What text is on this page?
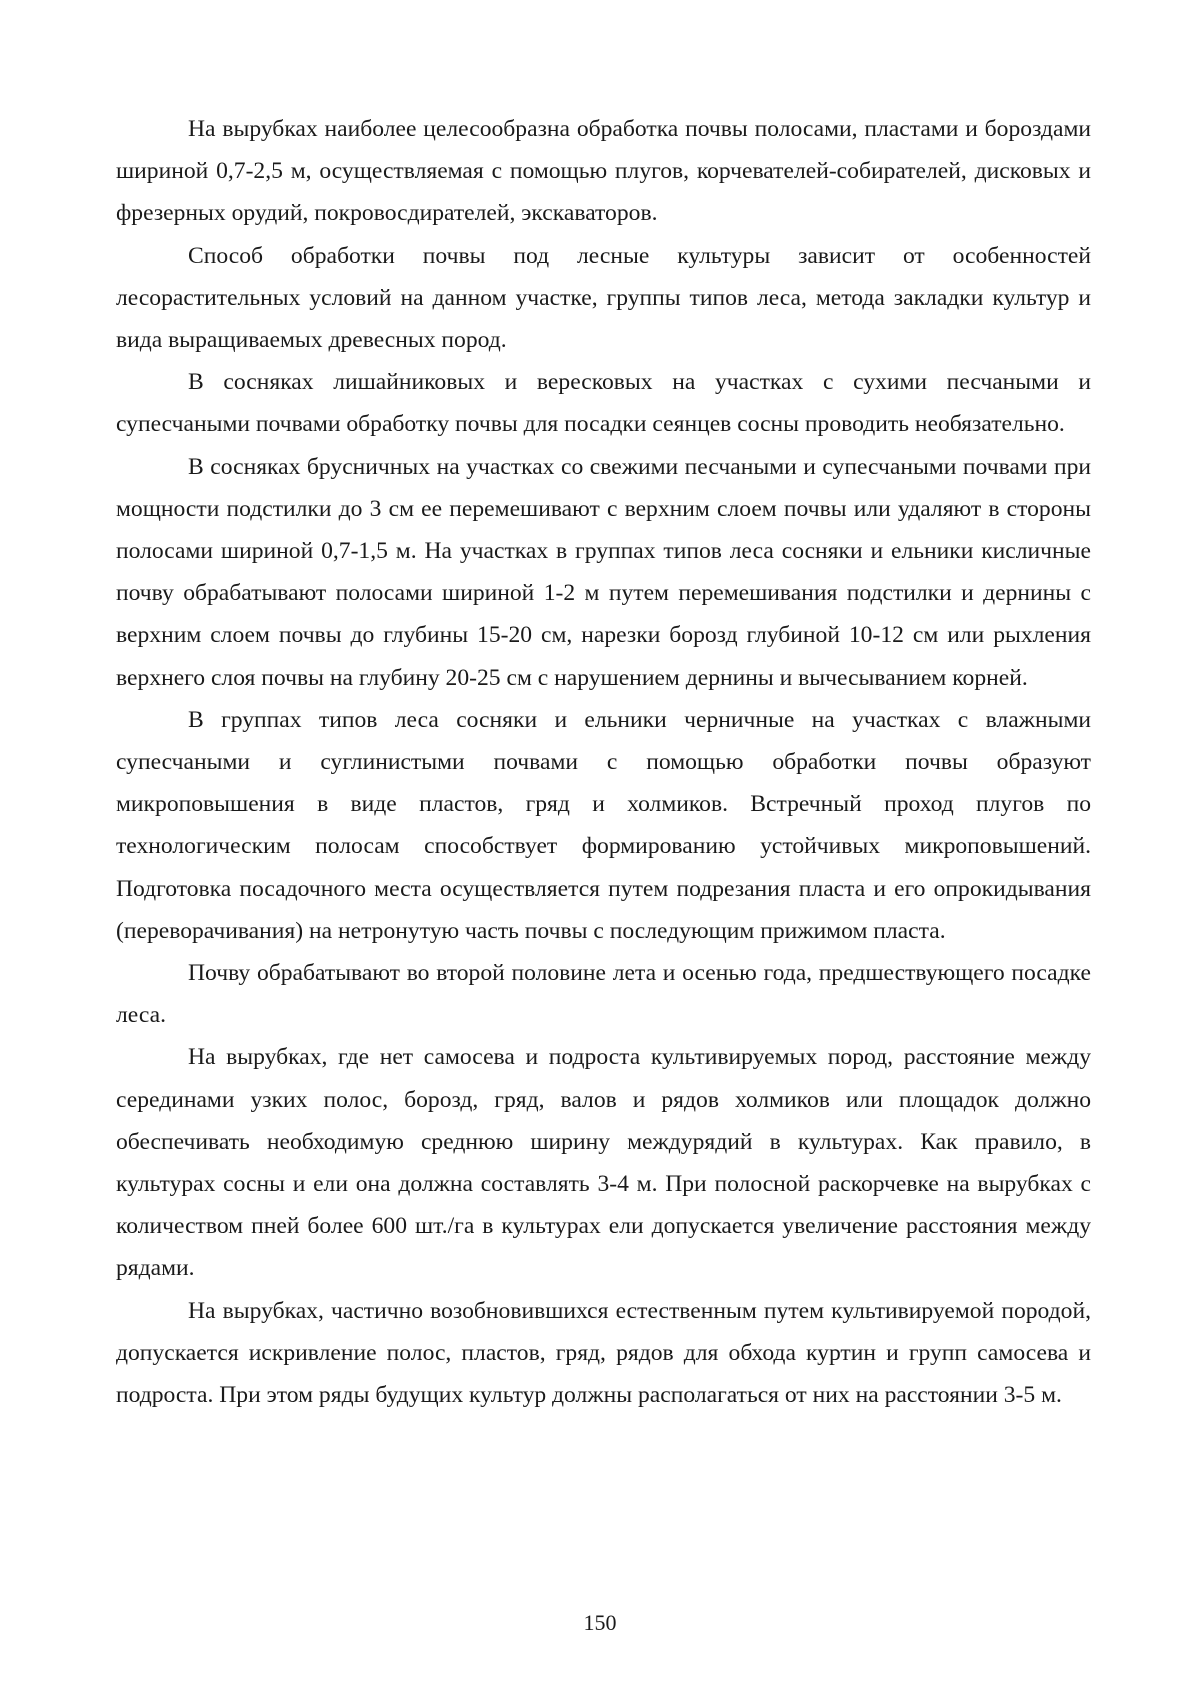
На вырубках наиболее целесообразна обработка почвы полосами, пластами и бороздами шириной 0,7-2,5 м, осуществляемая с помощью плугов, корчевателей-собирателей, дисковых и фрезерных орудий, покровосдирателей, экскаваторов.

Способ обработки почвы под лесные культуры зависит от особенностей лесорастительных условий на данном участке, группы типов леса, метода закладки культур и вида выращиваемых древесных пород.

В сосняках лишайниковых и вересковых на участках с сухими песчаными и супесчаными почвами обработку почвы для посадки сеянцев сосны проводить необязательно.

В сосняках брусничных на участках со свежими песчаными и супесчаными почвами при мощности подстилки до 3 см ее перемешивают с верхним слоем почвы или удаляют в стороны полосами шириной 0,7-1,5 м. На участках в группах типов леса сосняки и ельники кисличные почву обрабатывают полосами шириной 1-2 м путем перемешивания подстилки и дернины с верхним слоем почвы до глубины 15-20 см, нарезки борозд глубиной 10-12 см или рыхления верхнего слоя почвы на глубину 20-25 см с нарушением дернины и вычесыванием корней.

В группах типов леса сосняки и ельники черничные на участках с влажными супесчаными и суглинистыми почвами с помощью обработки почвы образуют микроповышения в виде пластов, гряд и холмиков. Встречный проход плугов по технологическим полосам способствует формированию устойчивых микроповышений. Подготовка посадочного места осуществляется путем подрезания пласта и его опрокидывания (переворачивания) на нетронутую часть почвы с последующим прижимом пласта.

Почву обрабатывают во второй половине лета и осенью года, предшествующего посадке леса.

На вырубках, где нет самосева и подроста культивируемых пород, расстояние между серединами узких полос, борозд, гряд, валов и рядов холмиков или площадок должно обеспечивать необходимую среднюю ширину междурядий в культурах. Как правило, в культурах сосны и ели она должна составлять 3-4 м. При полосной раскорчевке на вырубках с количеством пней более 600 шт./га в культурах ели допускается увеличение расстояния между рядами.

На вырубках, частично возобновившихся естественным путем культивируемой породой, допускается искривление полос, пластов, гряд, рядов для обхода куртин и групп самосева и подроста. При этом ряды будущих культур должны располагаться от них на расстоянии 3-5 м.

150
